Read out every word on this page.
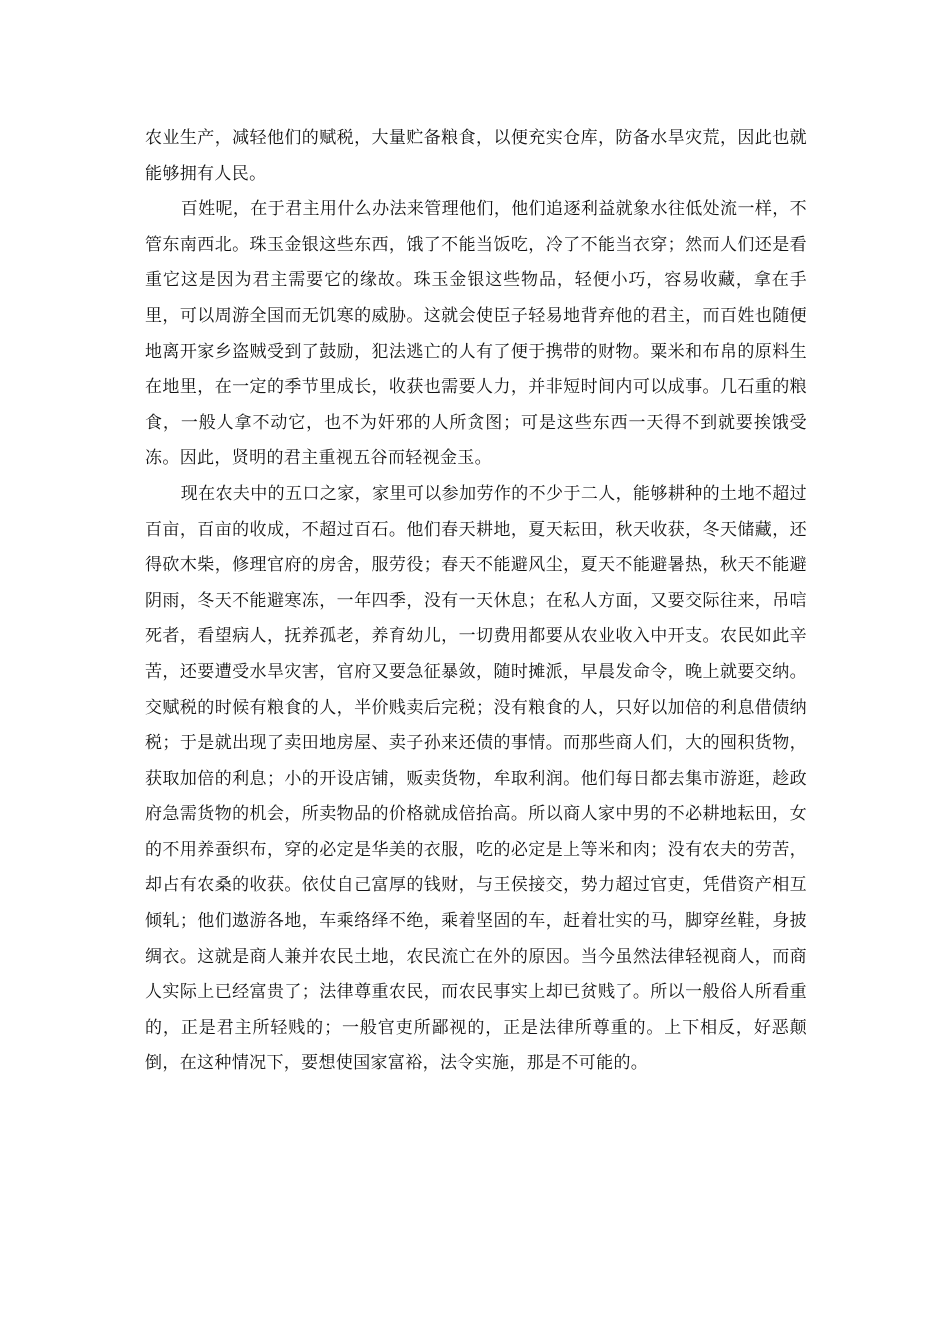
农业生产，减轻他们的赋税，大量贮备粮食，以便充实仓库，防备水旱灾荒，因此也就能够拥有人民。

百姓呢，在于君主用什么办法来管理他们，他们追逐利益就象水往低处流一样，不管东南西北。珠玉金银这些东西，饿了不能当饭吃，冷了不能当衣穿；然而人们还是看重它这是因为君主需要它的缘故。珠玉金银这些物品，轻便小巧，容易收藏，拿在手里，可以周游全国而无饥寒的威胁。这就会使臣子轻易地背弃他的君主，而百姓也随便地离开家乡盗贼受到了鼓励，犯法逃亡的人有了便于携带的财物。粟米和布帛的原料生在地里，在一定的季节里成长，收获也需要人力，并非短时间内可以成事。几石重的粮食，一般人拿不动它，也不为奸邪的人所贪图；可是这些东西一天得不到就要挨饿受冻。因此，贤明的君主重视五谷而轻视金玉。

现在农夫中的五口之家，家里可以参加劳作的不少于二人，能够耕种的土地不超过百亩，百亩的收成，不超过百石。他们春天耕地，夏天耘田，秋天收获，冬天储藏，还得砍木柴，修理官府的房舍，服劳役；春天不能避风尘，夏天不能避暑热，秋天不能避阴雨，冬天不能避寒冻，一年四季，没有一天休息；在私人方面，又要交际往来，吊唁死者，看望病人，抚养孤老，养育幼儿，一切费用都要从农业收入中开支。农民如此辛苦，还要遭受水旱灾害，官府又要急征暴敛，随时摊派，早晨发命令，晚上就要交纳。交赋税的时候有粮食的人，半价贱卖后完税；没有粮食的人，只好以加倍的利息借债纳税；于是就出现了卖田地房屋、卖子孙来还债的事情。而那些商人们，大的囤积货物，获取加倍的利息；小的开设店铺，贩卖货物，牟取利润。他们每日都去集市游逛，趁政府急需货物的机会，所卖物品的价格就成倍抬高。所以商人家中男的不必耕地耘田，女的不用养蚕织布，穿的必定是华美的衣服，吃的必定是上等米和肉；没有农夫的劳苦，却占有农桑的收获。依仗自己富厚的钱财，与王侯接交，势力超过官吏，凭借资产相互倾轧；他们遨游各地，车乘络绎不绝，乘着坚固的车，赶着壮实的马，脚穿丝鞋，身披绸衣。这就是商人兼并农民土地，农民流亡在外的原因。当今虽然法律轻视商人，而商人实际上已经富贵了；法律尊重农民，而农民事实上却已贫贱了。所以一般俗人所看重的，正是君主所轻贱的；一般官吏所鄙视的，正是法律所尊重的。上下相反，好恶颠倒，在这种情况下，要想使国家富裕，法令实施，那是不可能的。
